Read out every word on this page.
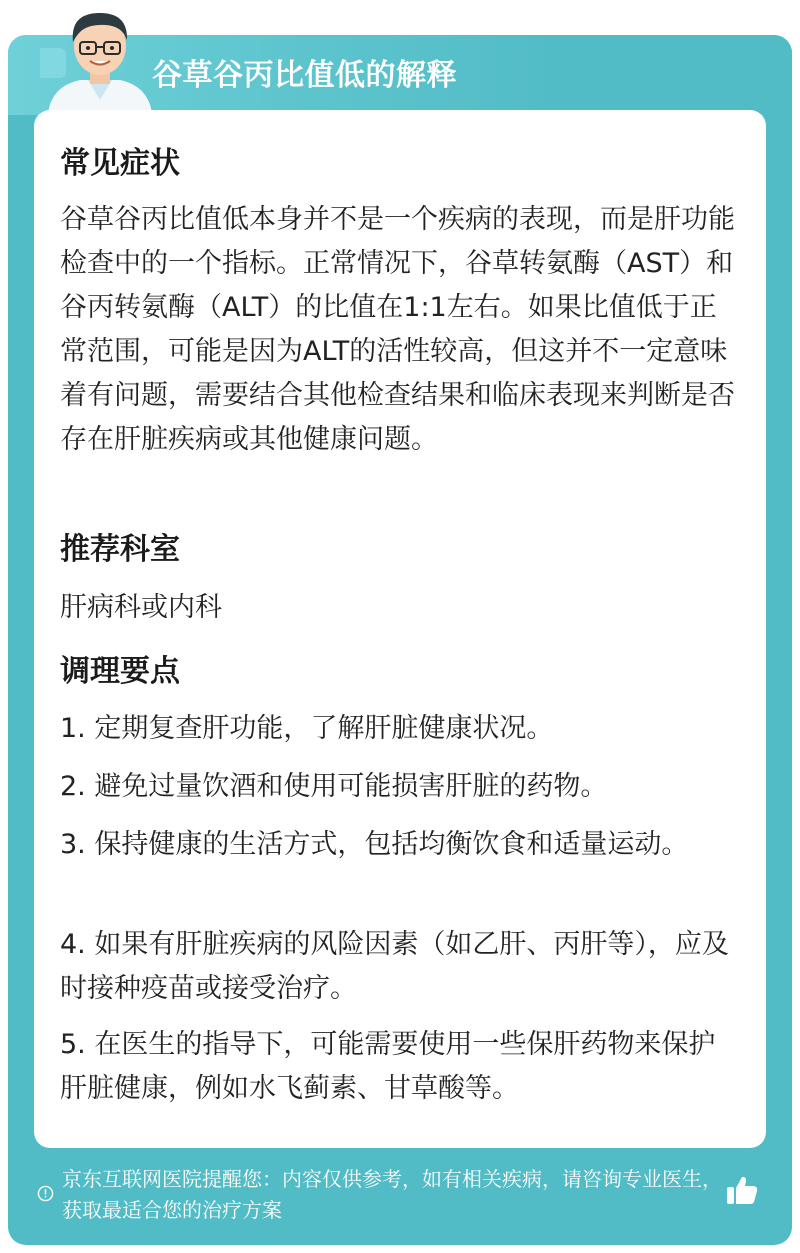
谷草谷丙比值低的解释
常见症状
谷草谷丙比值低本身并不是一个疾病的表现，而是肝功能检查中的一个指标。正常情况下，谷草转氨酶（AST）和谷丙转氨酶（ALT）的比值在1:1左右。如果比值低于正常范围，可能是因为ALT的活性较高，但这并不一定意味着有问题，需要结合其他检查结果和临床表现来判断是否存在肝脏疾病或其他健康问题。
推荐科室
肝病科或内科
调理要点
1. 定期复查肝功能，了解肝脏健康状况。
2. 避免过量饮酒和使用可能损害肝脏的药物。
3. 保持健康的生活方式，包括均衡饮食和适量运动。
4. 如果有肝脏疾病的风险因素（如乙肝、丙肝等），应及时接种疫苗或接受治疗。
5. 在医生的指导下，可能需要使用一些保肝药物来保护肝脏健康，例如水飞蓟素、甘草酸等。
京东互联网医院提醒您：内容仅供参考，如有相关疾病，请咨询专业医生，获取最适合您的治疗方案
